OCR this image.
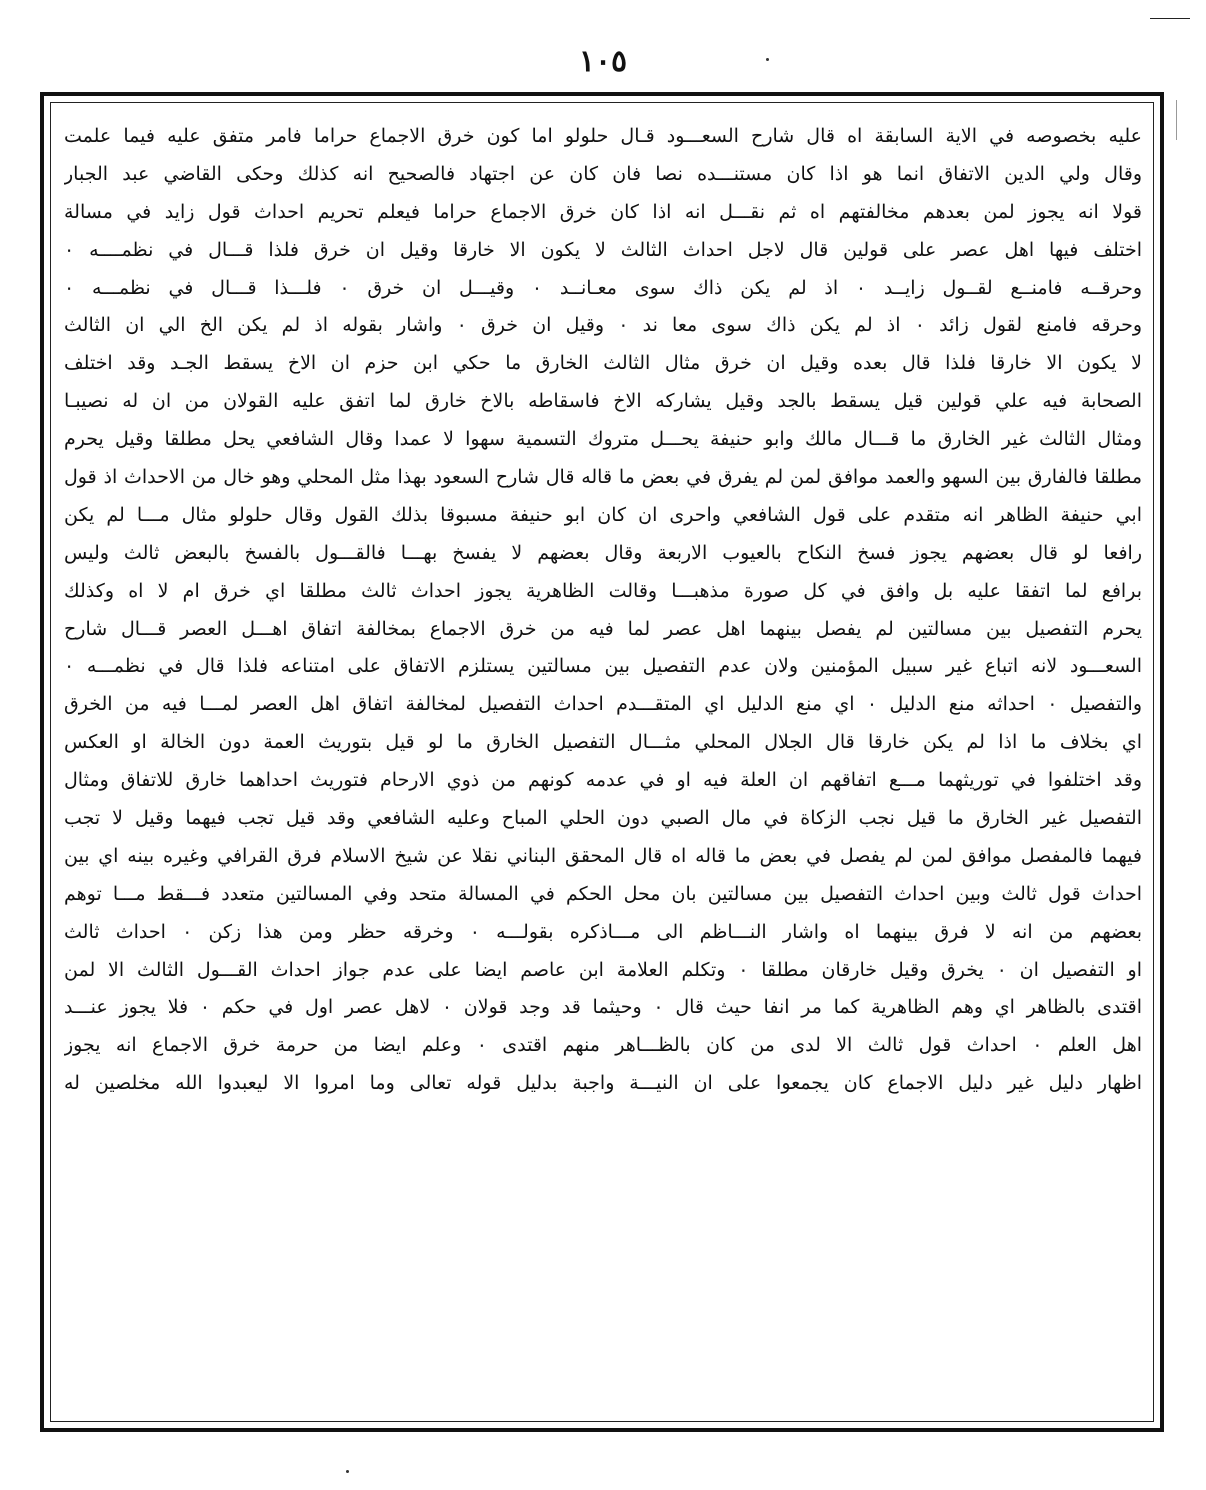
١٠٥
عليه بخصوصه في الاية السابقة اه قال شارح السعـــود قـال حلولو اما كون خرق الاجماع حراما فامر متفق عليه فيما علمت
وقال ولي الدين الاتفاق انما هو اذا كان مستنـــده نصا فان كان عن اجتهاد فالصحيح انه كذلك وحكى القاضي عبد الجبار
قولا انه يجوز لمن بعدهم مخالفتهم اه ثم نقـــل انه اذا كان خرق الاجماع حراما فيعلم تحريم احداث قول زايد في مسالة
اختلف فيها اهل عصر على قولين قال لاجل احداث الثالث لا يكون الا خارقا وقيل ان خرق فلذا قـــال في نظمــــه ٠
وحرقــه فامنــع لقــول زايــد ٠ اذ لم يكن ذاك سوى معـانــد ٠ وقيـــل ان خرق ٠ فلـــذا قـــال في نظمـــه ٠
وحرقه فامنع لقول زائد ٠ اذ لم يكن ذاك سوى معا ند ٠ وقيل ان خرق ٠ واشار بقوله اذ لم يكن الخ الي ان الثالث
لا يكون الا خارقا فلذا قال بعده وقيل ان خرق مثال الثالث الخارق ما حكي ابن حزم ان الاخ يسقط الجـد وقد اختلف
الصحابة فيه علي قولين قيل يسقط بالجد وقيل يشاركه الاخ فاسقاطه بالاخ خارق لما اتفق عليه القولان من ان له نصيبـا
ومثال الثالث غير الخارق ما قـــال مالك وابو حنيفة يحـــل متروك التسمية سهوا لا عمدا وقال الشافعي يحل مطلقا وقيل يحرم
مطلقا فالفارق بين السهو والعمد موافق لمن لم يفرق في بعض ما قاله قال شارح السعود بهذا مثل المحلي وهو خال من الاحداث اذ قول
ابي حنيفة الظاهر انه متقدم على قول الشافعي واحرى ان كان ابو حنيفة مسبوقا بذلك القول وقال حلولو مثال مـــا لم يكن
رافعا لو قال بعضهم يجوز فسخ النكاح بالعيوب الاربعة وقال بعضهم لا يفسخ بهـــا فالقـــول بالفسخ بالبعض ثالث وليس
برافع لما اتفقا عليه بل وافق في كل صورة مذهبـــا وقالت الظاهرية يجوز احداث ثالث مطلقا اي خرق ام لا اه وكذلك
يحرم التفصيل بين مسالتين لم يفصل بينهما اهل عصر لما فيه من خرق الاجماع بمخالفة اتفاق اهـــل العصر قـــال شارح
السعـــود لانه اتباع غير سبيل المؤمنين ولان عدم التفصيل بين مسالتين يستلزم الاتفاق على امتناعه فلذا قال في نظمـــه ٠
والتفصيل ٠ احداثه منع الدليل ٠ اي منع الدليل اي المتقـــدم احداث التفصيل لمخالفة اتفاق اهل العصر لمـــا فيه من الخرق
اي بخلاف ما اذا لم يكن خارقا قال الجلال المحلي مثـــال التفصيل الخارق ما لو قيل بتوريث العمة دون الخالة او العكس
وقد اختلفوا في توريثهما مـــع اتفاقهم ان العلة فيه او في عدمه كونهم من ذوي الارحام فتوريث احداهما خارق للاتفاق ومثال
التفصيل غير الخارق ما قيل نجب الزكاة في مال الصبي دون الحلي المباح وعليه الشافعي وقد قيل تجب فيهما وقيل لا تجب
فيهما فالمفصل موافق لمن لم يفصل في بعض ما قاله اه قال المحقق البناني نقلا عن شيخ الاسلام فرق القرافي وغيره بينه اي بين
احداث قول ثالث وبين احداث التفصيل بين مسالتين بان محل الحكم في المسالة متحد وفي المسالتين متعدد فـــقط مـــا توهم
بعضهم من انه لا فرق بينهما اه واشار النـــاظم الى مـــاذكره بقولـــه ٠ وخرقه حظر ومن هذا زكن ٠ احداث ثالث
او التفصيل ان ٠ يخرق وقيل خارقان مطلقا ٠ وتكلم العلامة ابن عاصم ايضا على عدم جواز احداث القـــول الثالث الا لمن
اقتدى بالظاهر اي وهم الظاهرية كما مر انفا حيث قال ٠ وحيثما قد وجد قولان ٠ لاهل عصر اول في حكم ٠ فلا يجوز عنـــد
اهل العلم ٠ احداث قول ثالث الا لدى من كان بالظـــاهر منهم اقتدى ٠ وعلم ايضا من حرمة خرق الاجماع انه يجوز
اظهار دليل غير دليل الاجماع كان يجمعوا على ان النيـــة واجبة بدليل قوله تعالى وما امروا الا ليعبدوا الله مخلصين له
